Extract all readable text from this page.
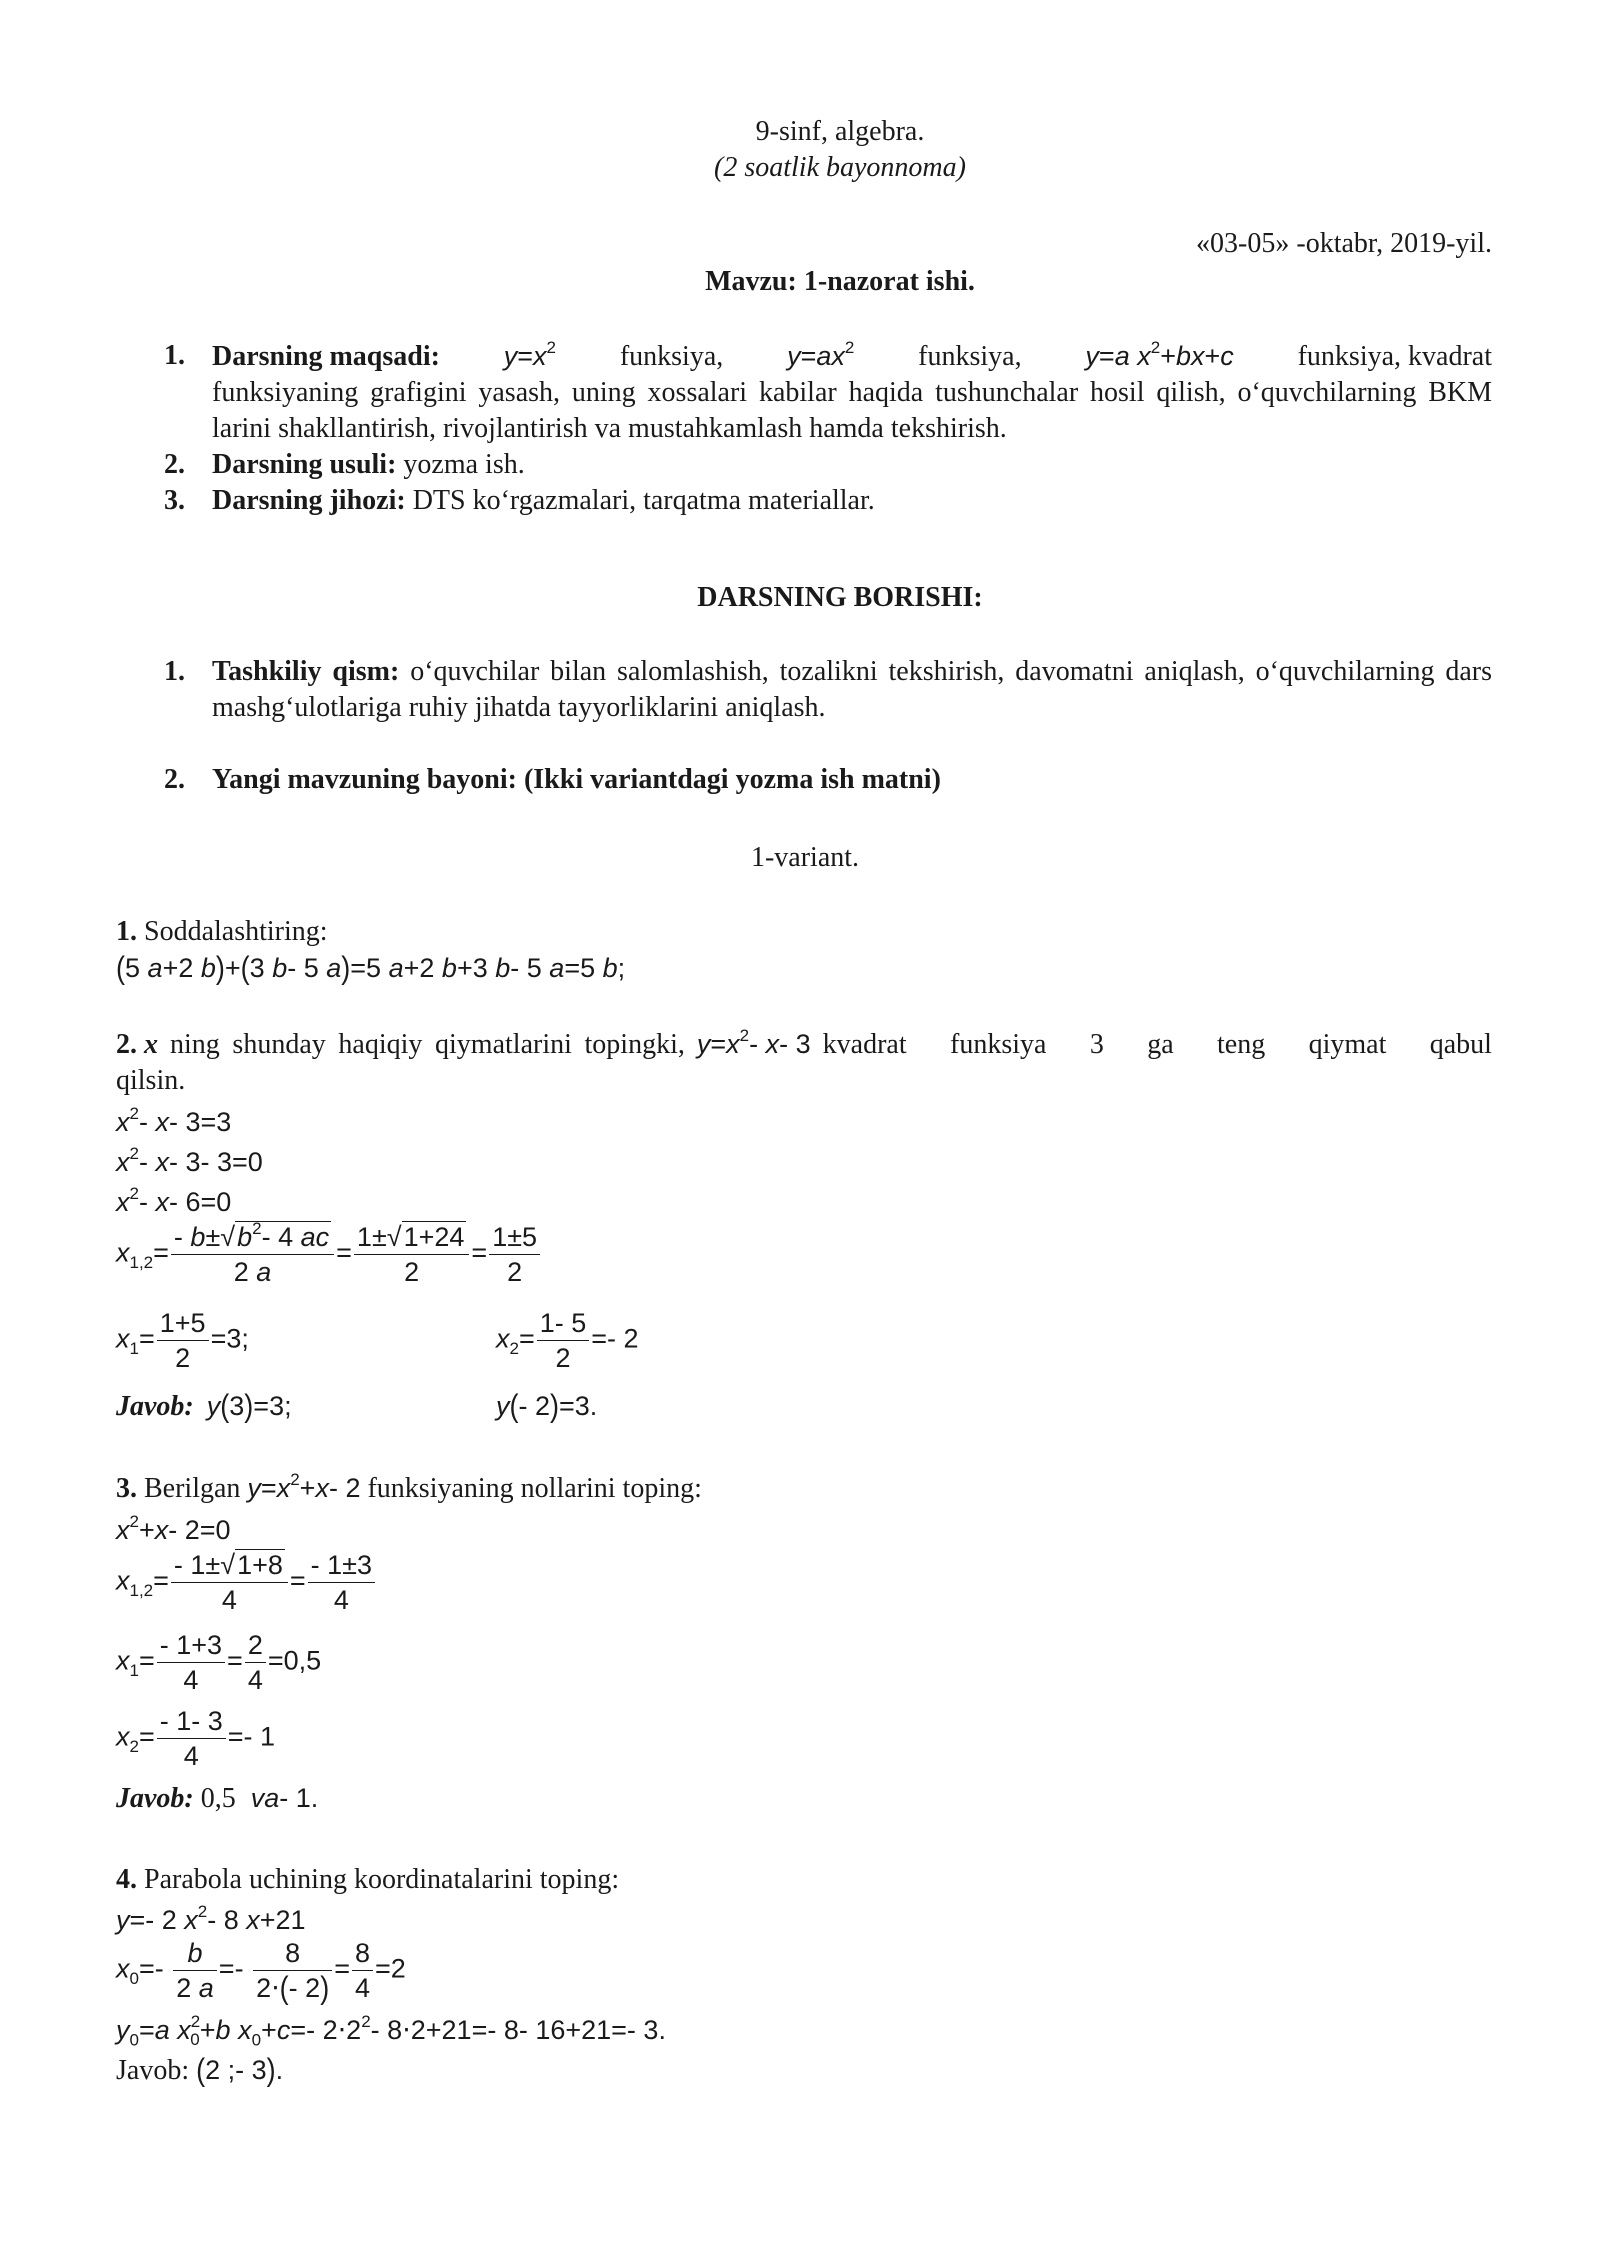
9-sinf, algebra.
(2 soatlik bayonnoma)
«03-05» -oktabr, 2019-yil.
Mavzu: 1-nazorat ishi.
1. Darsning maqsadi: $y=x^2$ funksiya, $y=ax^2$ funksiya, y=a $x^2+bx+c$ funksiya, kvadrat
funksiyaning grafigini yasash, uning xossalari kabilar haqida tushunchalar hosil qilish, o‘quvchilarning BKM larini shakllantirish, rivojlantirish va mustahkamlash hamda tekshirish.
2. Darsning usuli: yozma ish.
3. Darsning jihozi: DTS ko‘rgazmalari, tarqatma materiallar.
DARSNING BORISHI:
1. Tashkiliy qism: o‘quvchilar bilan salomlashish, tozalikni tekshirish, davomatni aniqlash, o‘quvchilarning dars mashg‘ulotlariga ruhiy jihatda tayyorliklarini aniqlash.
2. Yangi mavzuning bayoni: (Ikki variantdagi yozma ish matni)
1-variant.
1. Soddalashtiring:
(5 a+2 b)+(3 b- 5 a)=5 a+2 b+3 b- 5 a=5 b;
2. x ning shunday haqiqiy qiymatlarini topingki, $y=x^2-$ x- 3 kvadrat funksiya 3 ga teng qiymat qabul
qilsin.
$x^2-$ x- 3=3
$x^2-$ x- 3- 3=0
$x^2-$ x- 6=0
$x_{1,2}= \frac{- b\pm√b^2- 4 ac}{2 a} = \frac{1\pm√1+24}{2} = \frac{1\pm 5}{2}$
$x_1= \frac{1+5}{2} =3$;	$x_2= \frac{1- 5}{2} =- 2$
Javob: y(3)=3;	y(- 2)=3.
3. Berilgan $y=x^2+x-$ 2 funksiyaning nollarini toping:
$x^2+x-$ 2=0
$x_{1,2}= \frac{- 1\pm√1+8}{4} = \frac{- 1\pm 3}{4}$
$x_1= \frac{- 1+3}{4} = \frac{2}{4} =0,5$
$x_2= \frac{- 1- 3}{4} =- 1$
Javob: 0,5 va- 1.
4. Parabola uchining koordinatalarini toping:
y=- 2 $x^2-$ 8 x+21
$x_0=- \frac{b}{2 a} =- \frac{8}{2\cdot(- 2)} = \frac{8}{4} =2$
$y_0=a$ $x^2_0+b$ $x_0+c=-$ $2\cdot 2^2-$ 8⋅2+21=- 8- 16+21=- 3.
Javob: (2 ;- 3).
